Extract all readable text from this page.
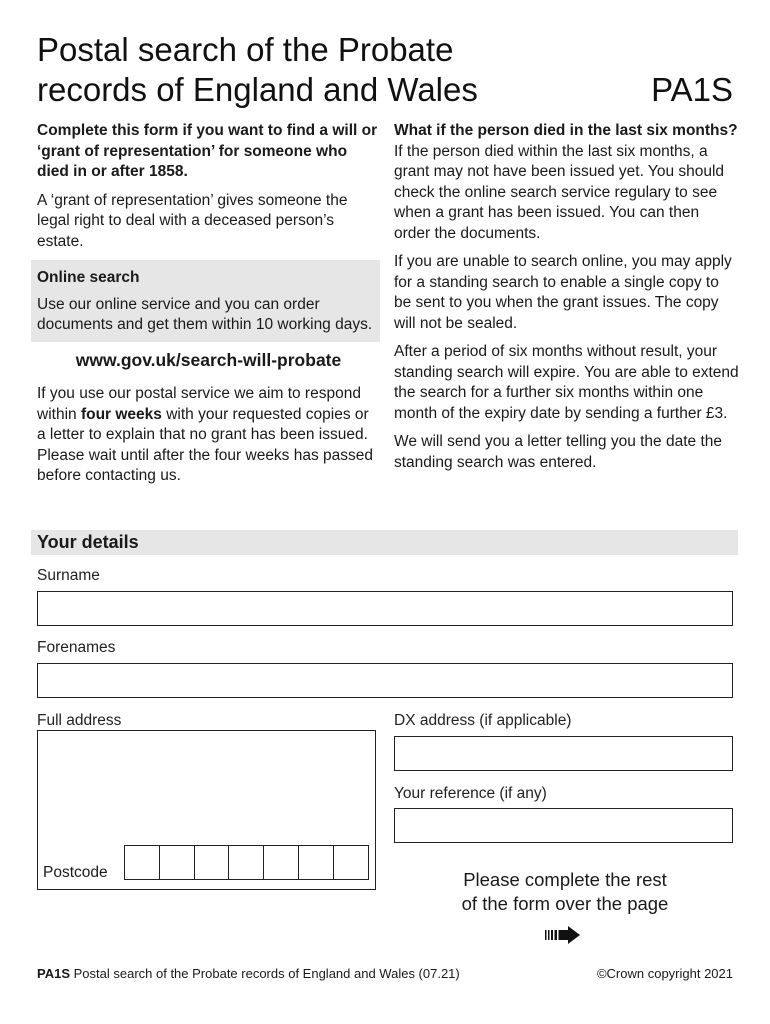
Postal search of the Probate
records of England and Wales	PA1S

Complete this form if you want to find a will or ‘grant of representation’ for someone who died in or after 1858.

A ‘grant of representation’ gives someone the legal right to deal with a deceased person’s estate.

Online search
Use our online service and you can order documents and get them within 10 working days.
www.gov.uk/search-will-probate

If you use our postal service we aim to respond within four weeks with your requested copies or a letter to explain that no grant has been issued. Please wait until after the four weeks has passed before contacting us.

What if the person died in the last six months? If the person died within the last six months, a grant may not have been issued yet. You should check the online search service regulary to see when a grant has been issued. You can then order the documents.

If you are unable to search online, you may apply for a standing search to enable a single copy to be sent to you when the grant issues. The copy will not be sealed.

After a period of six months without result, your standing search will expire. You are able to extend the search for a further six months within one month of the expiry date by sending a further £3.

We will send you a letter telling you the date the standing search was entered.

Your details
Surname
Forenames
Full address
Postcode
DX address (if applicable)
Your reference (if any)
Please complete the rest
of the form over the page
PA1S Postal search of the Probate records of England and Wales (07.21)	©Crown copyright 2021
